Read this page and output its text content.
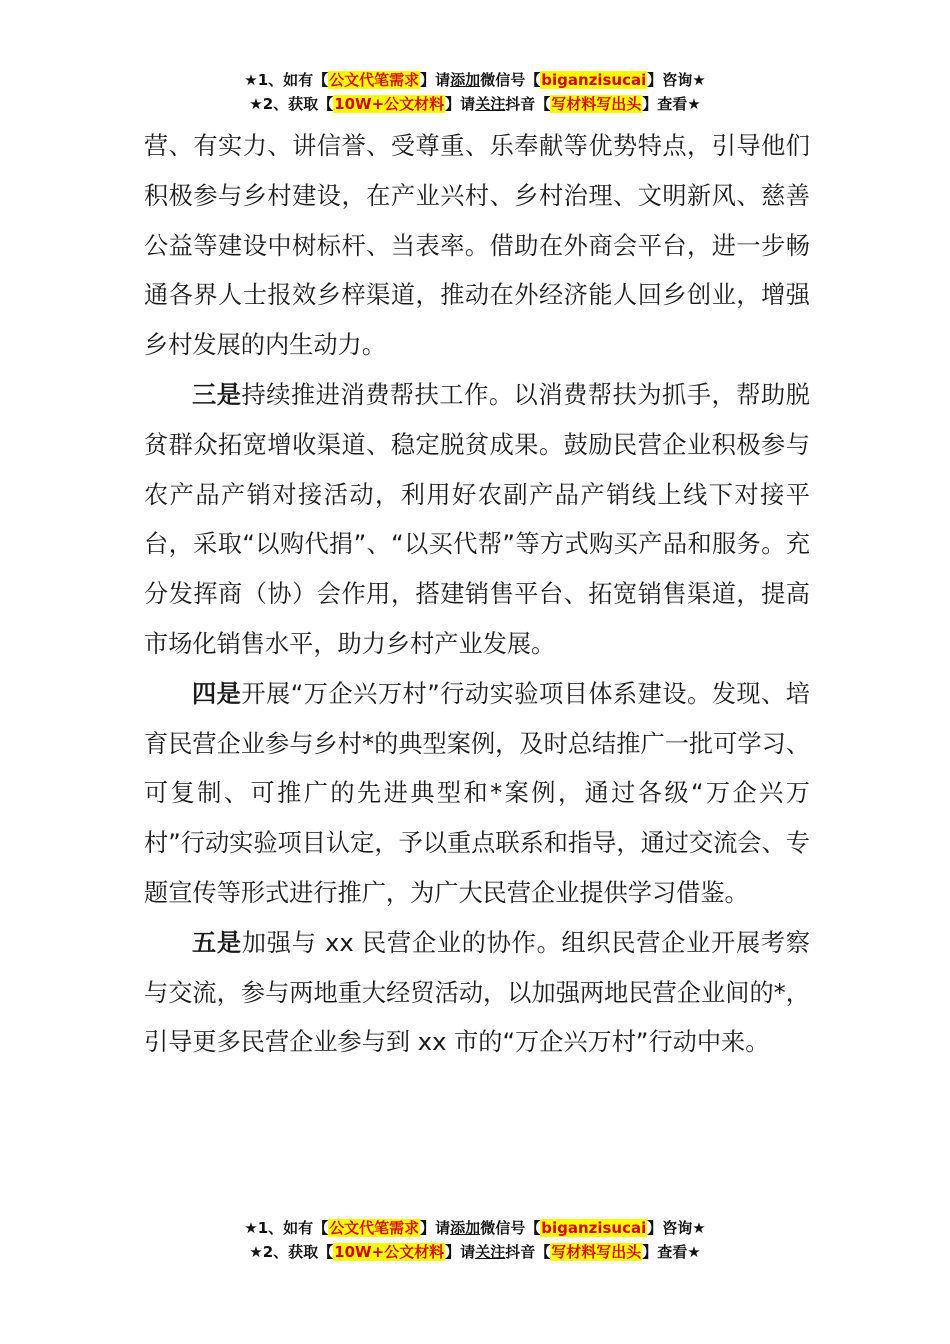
★1、如有【公文代笔需求】请添加微信号【biganzisucai】咨询★
★2、获取【10W+公文材料】请关注抖音【写材料写出头】查看★

营、有实力、讲信誉、受尊重、乐奉献等优势特点，引导他们积极参与乡村建设，在产业兴村、乡村治理、文明新风、慈善公益等建设中树标杆、当表率。借助在外商会平台，进一步畅通各界人士报效乡梓渠道，推动在外经济能人回乡创业，增强乡村发展的内生动力。

三是持续推进消费帮扶工作。以消费帮扶为抓手，帮助脱贫群众拓宽增收渠道、稳定脱贫成果。鼓励民营企业积极参与农产品产销对接活动，利用好农副产品产销线上线下对接平台，采取“以购代捐”、“以买代帮”等方式购买产品和服务。充分发挥商（协）会作用，搭建销售平台、拓宽销售渠道，提高市场化销售水平，助力乡村产业发展。

四是开展“万企兴万村”行动实验项目体系建设。发现、培育民营企业参与乡村*的典型案例，及时总结推广一批可学习、可复制、可推广的先进典型和*案例，通过各级“万企兴万村”行动实验项目认定，予以重点联系和指导，通过交流会、专题宣传等形式进行推广，为广大民营企业提供学习借鉴。

五是加强与 xx 民营企业的协作。组织民营企业开展考察与交流，参与两地重大经贸活动，以加强两地民营企业间的*，引导更多民营企业参与到 xx 市的“万企兴万村”行动中来。

★1、如有【公文代笔需求】请添加微信号【biganzisucai】咨询★
★2、获取【10W+公文材料】请关注抖音【写材料写出头】查看★
